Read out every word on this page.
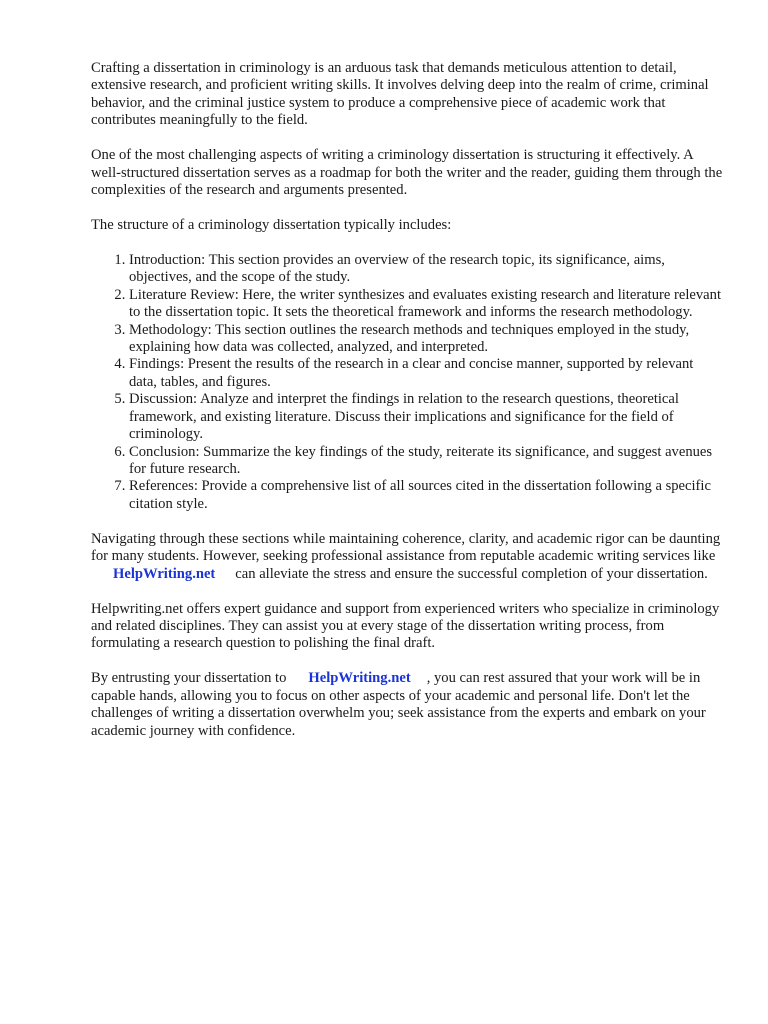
Crafting a dissertation in criminology is an arduous task that demands meticulous attention to detail, extensive research, and proficient writing skills. It involves delving deep into the realm of crime, criminal behavior, and the criminal justice system to produce a comprehensive piece of academic work that contributes meaningfully to the field.

One of the most challenging aspects of writing a criminology dissertation is structuring it effectively. A well-structured dissertation serves as a roadmap for both the writer and the reader, guiding them through the complexities of the research and arguments presented.

The structure of a criminology dissertation typically includes:

1. Introduction: This section provides an overview of the research topic, its significance, aims, objectives, and the scope of the study.
2. Literature Review: Here, the writer synthesizes and evaluates existing research and literature relevant to the dissertation topic. It sets the theoretical framework and informs the research methodology.
3. Methodology: This section outlines the research methods and techniques employed in the study, explaining how data was collected, analyzed, and interpreted.
4. Findings: Present the results of the research in a clear and concise manner, supported by relevant data, tables, and figures.
5. Discussion: Analyze and interpret the findings in relation to the research questions, theoretical framework, and existing literature. Discuss their implications and significance for the field of criminology.
6. Conclusion: Summarize the key findings of the study, reiterate its significance, and suggest avenues for future research.
7. References: Provide a comprehensive list of all sources cited in the dissertation following a specific citation style.

Navigating through these sections while maintaining coherence, clarity, and academic rigor can be daunting for many students. However, seeking professional assistance from reputable academic writing services likeHelpWriting.net can alleviate the stress and ensure the successful completion of your dissertation.

Helpwriting.net offers expert guidance and support from experienced writers who specialize in criminology and related disciplines. They can assist you at every stage of the dissertation writing process, from formulating a research question to polishing the final draft.

By entrusting your dissertation to HelpWriting.net , you can rest assured that your work will be in capable hands, allowing you to focus on other aspects of your academic and personal life. Don't let the challenges of writing a dissertation overwhelm you; seek assistance from the experts and embark on your academic journey with confidence.
